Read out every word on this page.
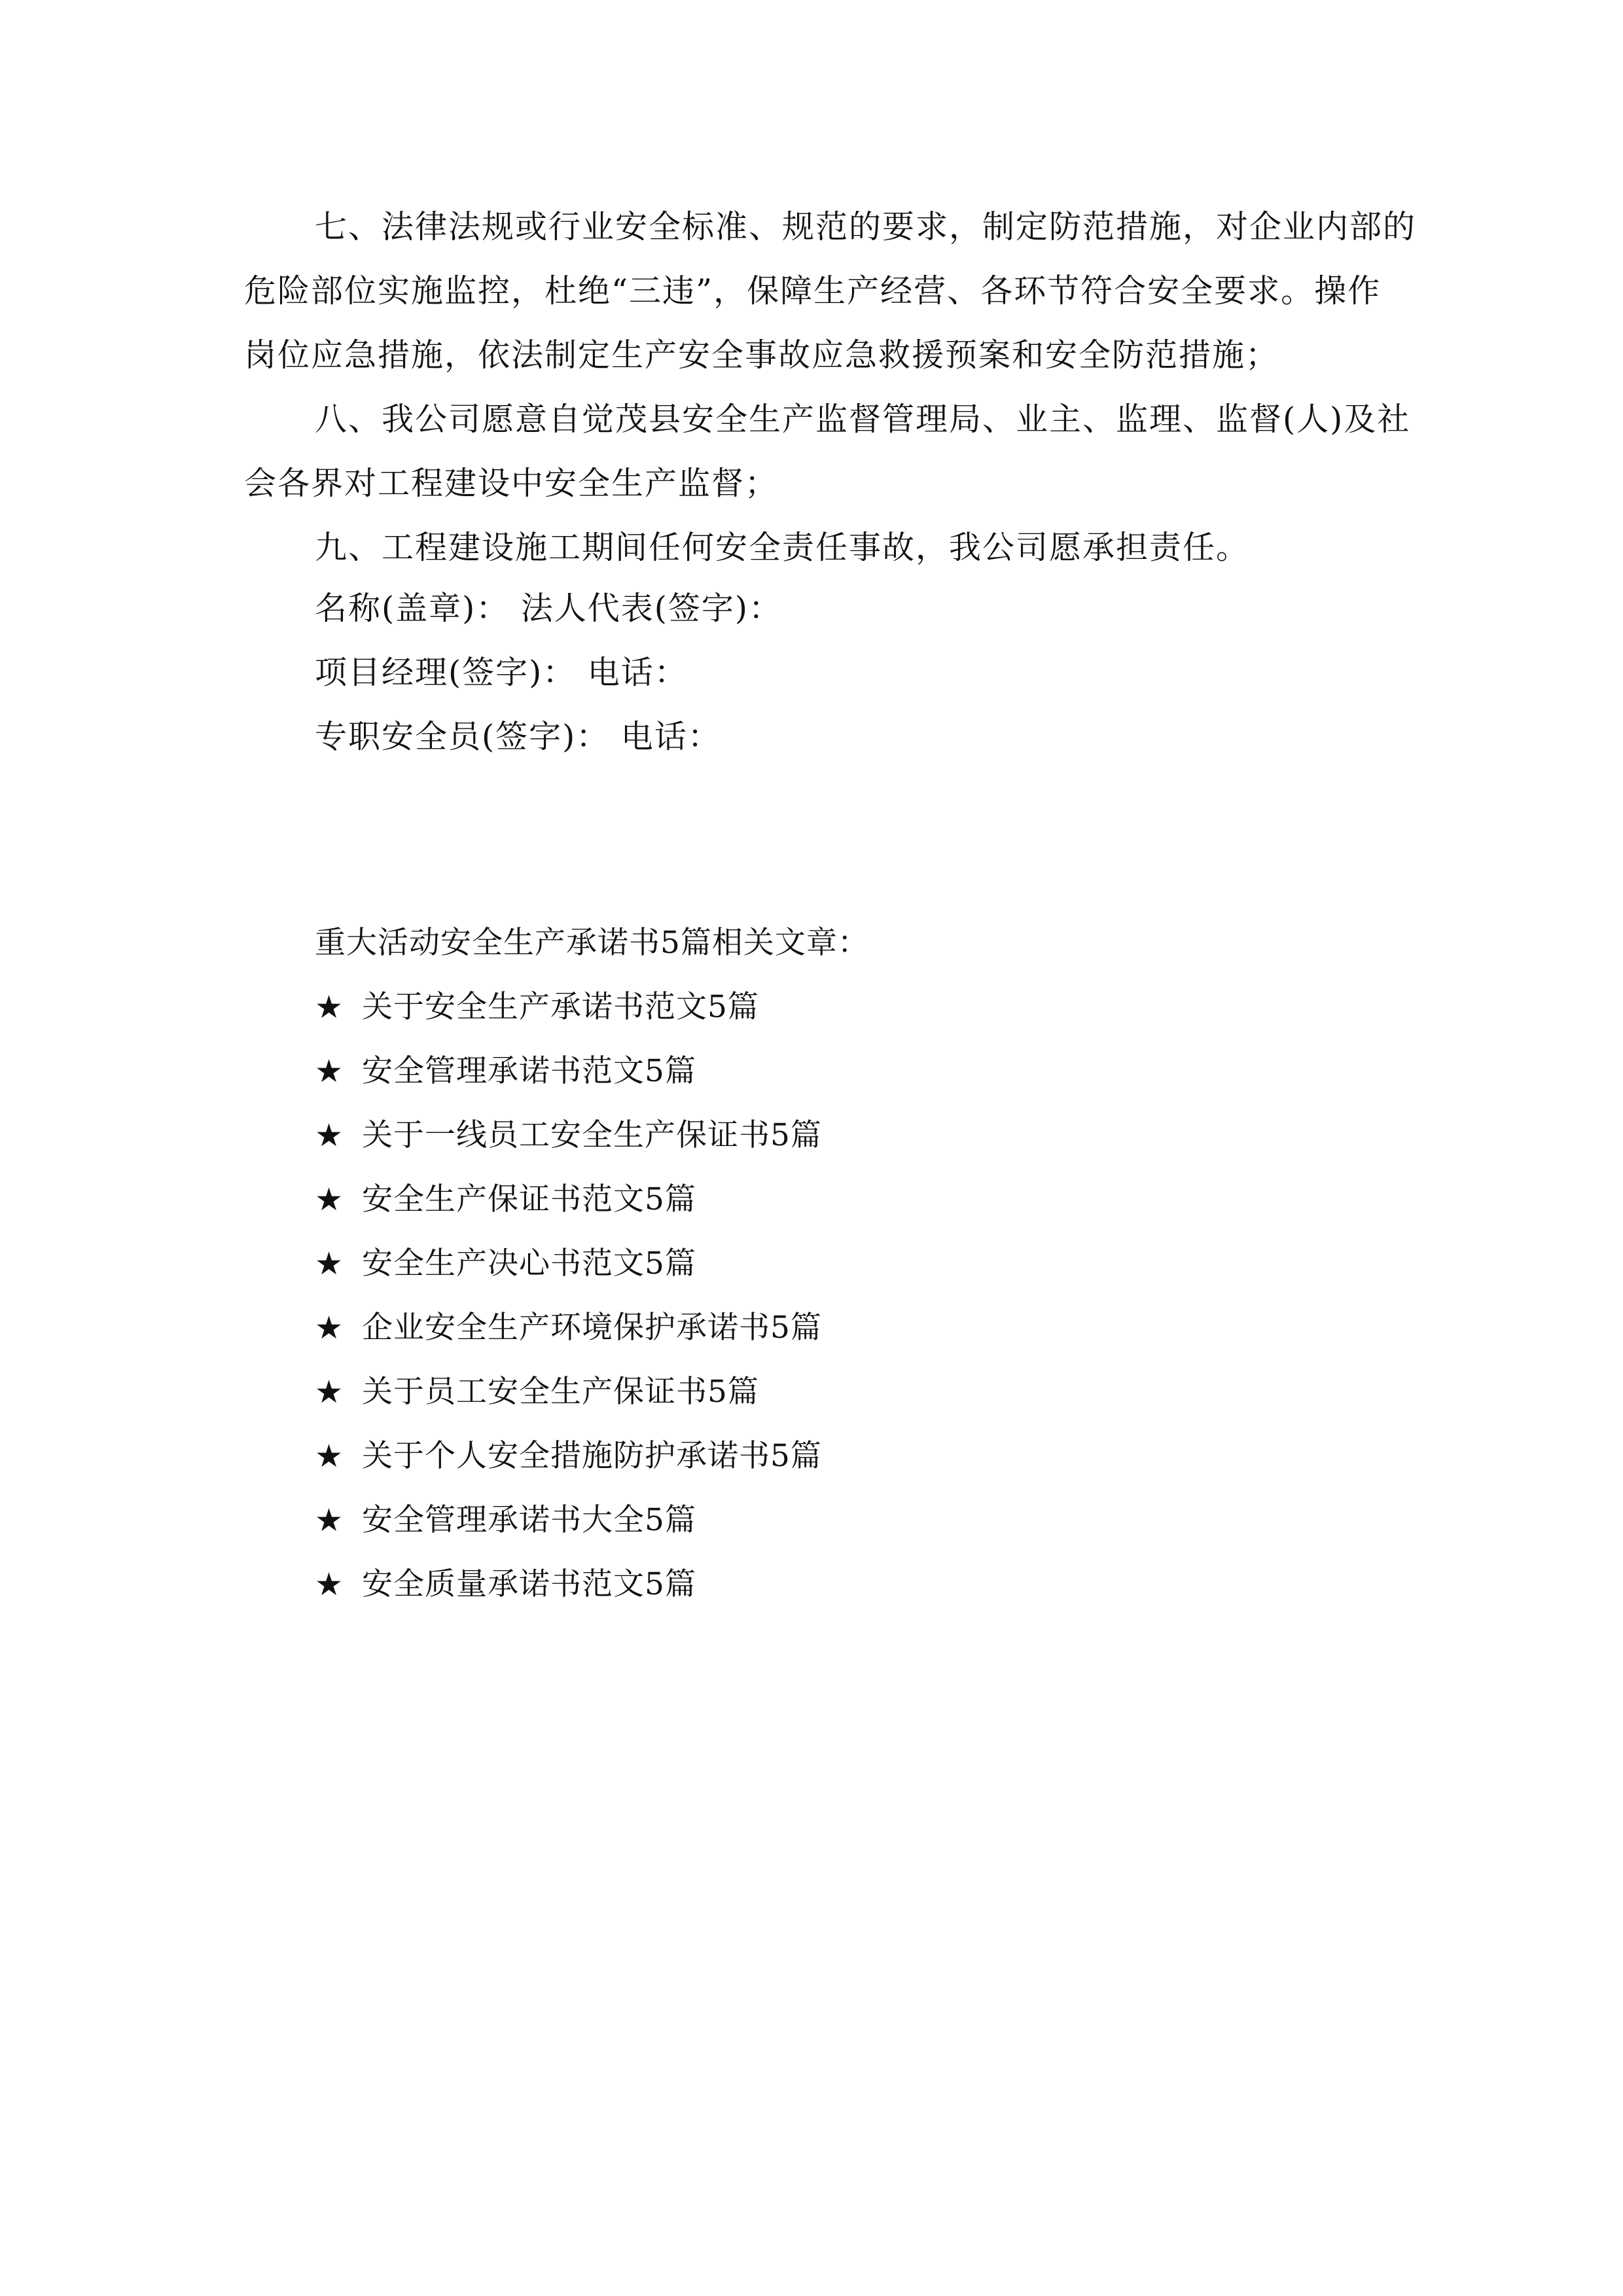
七、法律法规或行业安全标准、规范的要求，制定防范措施，对企业内部的
危险部位实施监控，杜绝“三违”，保障生产经营、各环节符合安全要求。操作
岗位应急措施，依法制定生产安全事故应急救援预案和安全防范措施；
八、我公司愿意自觉茂县安全生产监督管理局、业主、监理、监督(人)及社
会各界对工程建设中安全生产监督；
九、工程建设施工期间任何安全责任事故，我公司愿承担责任。
名称(盖章)： 法人代表(签字)：
项目经理(签字)： 电话：
专职安全员(签字)： 电话：
重大活动安全生产承诺书5篇相关文章：
★ 关于安全生产承诺书范文5篇
★ 安全管理承诺书范文5篇
★ 关于一线员工安全生产保证书5篇
★ 安全生产保证书范文5篇
★ 安全生产决心书范文5篇
★ 企业安全生产环境保护承诺书5篇
★ 关于员工安全生产保证书5篇
★ 关于个人安全措施防护承诺书5篇
★ 安全管理承诺书大全5篇
★ 安全质量承诺书范文5篇
